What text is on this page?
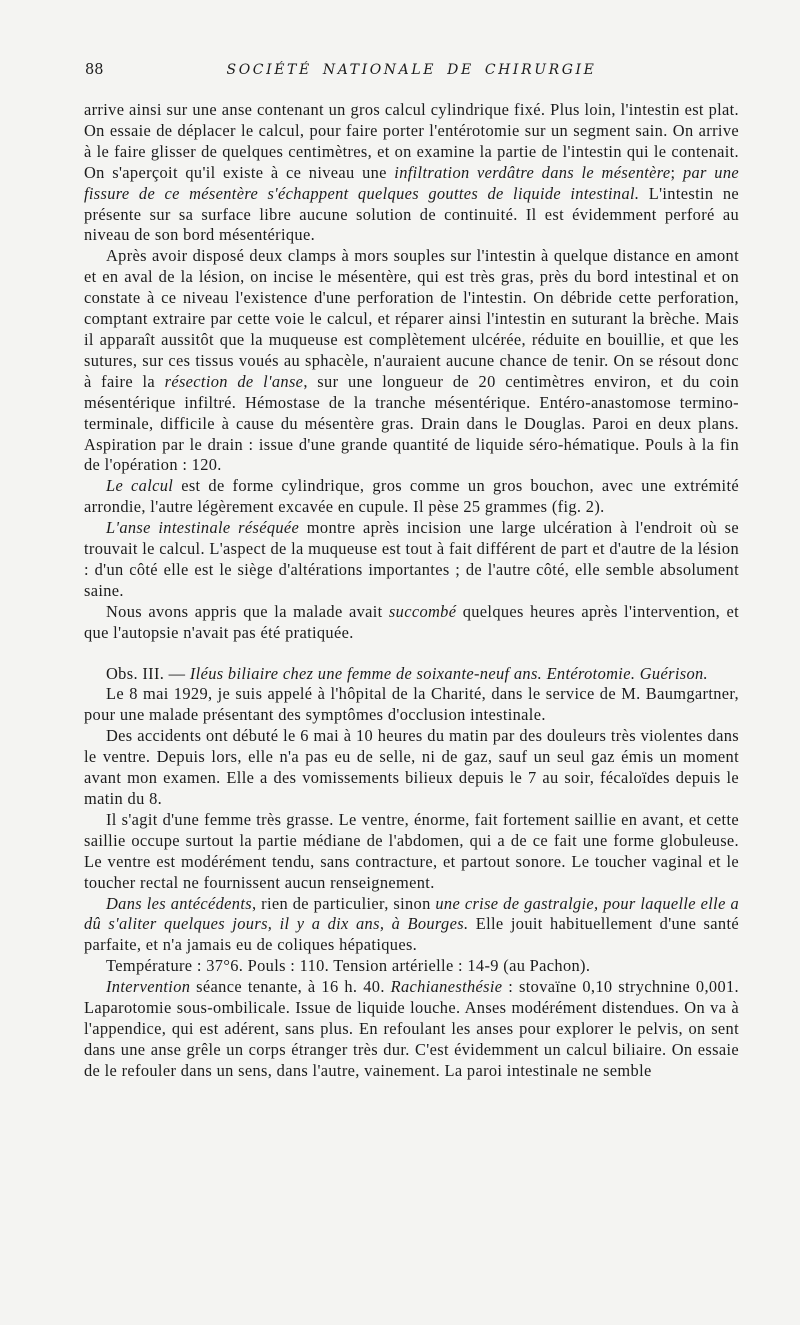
88	SOCIÉTÉ NATIONALE DE CHIRURGIE

arrive ainsi sur une anse contenant un gros calcul cylindrique fixé. Plus loin, l'intestin est plat. On essaie de déplacer le calcul, pour faire porter l'entérotomie sur un segment sain. On arrive à le faire glisser de quelques centimètres, et on examine la partie de l'intestin qui le contenait. On s'aperçoit qu'il existe à ce niveau une infiltration verdâtre dans le mésentère; par une fissure de ce mésentère s'échappent quelques gouttes de liquide intestinal. L'intestin ne présente sur sa surface libre aucune solution de continuité. Il est évidemment perforé au niveau de son bord mésentérique.

Après avoir disposé deux clamps à mors souples sur l'intestin à quelque distance en amont et en aval de la lésion, on incise le mésentère, qui est très gras, près du bord intestinal et on constate à ce niveau l'existence d'une perforation de l'intestin. On débride cette perforation, comptant extraire par cette voie le calcul, et réparer ainsi l'intestin en suturant la brèche. Mais il apparaît aussitôt que la muqueuse est complètement ulcérée, réduite en bouillie, et que les sutures, sur ces tissus voués au sphacèle, n'auraient aucune chance de tenir. On se résout donc à faire la résection de l'anse, sur une longueur de 20 centimètres environ, et du coin mésentérique infiltré. Hémostase de la tranche mésentérique. Entéro-anastomose termino-terminale, difficile à cause du mésentère gras. Drain dans le Douglas. Paroi en deux plans. Aspiration par le drain : issue d'une grande quantité de liquide séro-hématique. Pouls à la fin de l'opération : 120.

Le calcul est de forme cylindrique, gros comme un gros bouchon, avec une extrémité arrondie, l'autre légèrement excavée en cupule. Il pèse 25 grammes (fig. 2).

L'anse intestinale réséquée montre après incision une large ulcération à l'endroit où se trouvait le calcul. L'aspect de la muqueuse est tout à fait différent de part et d'autre de la lésion : d'un côté elle est le siège d'altérations importantes ; de l'autre côté, elle semble absolument saine.

Nous avons appris que la malade avait succombé quelques heures après l'intervention, et que l'autopsie n'avait pas été pratiquée.

Obs. III. — Iléus biliaire chez une femme de soixante-neuf ans. Entérotomie. Guérison.

Le 8 mai 1929, je suis appelé à l'hôpital de la Charité, dans le service de M. Baumgartner, pour une malade présentant des symptômes d'occlusion intestinale.

Des accidents ont débuté le 6 mai à 10 heures du matin par des douleurs très violentes dans le ventre. Depuis lors, elle n'a pas eu de selle, ni de gaz, sauf un seul gaz émis un moment avant mon examen. Elle a des vomissements bilieux depuis le 7 au soir, fécaloïdes depuis le matin du 8.

Il s'agit d'une femme très grasse. Le ventre, énorme, fait fortement saillie en avant, et cette saillie occupe surtout la partie médiane de l'abdomen, qui a de ce fait une forme globuleuse. Le ventre est modérément tendu, sans contracture, et partout sonore. Le toucher vaginal et le toucher rectal ne fournissent aucun renseignement.

Dans les antécédents, rien de particulier, sinon une crise de gastralgie, pour laquelle elle a dû s'aliter quelques jours, il y a dix ans, à Bourges. Elle jouit habituellement d'une santé parfaite, et n'a jamais eu de coliques hépatiques.

Température : 37°6. Pouls : 110. Tension artérielle : 14-9 (au Pachon).

Intervention séance tenante, à 16 h. 40. Rachianesthésie : stovaïne 0,10 strychnine 0,001. Laparotomie sous-ombilicale. Issue de liquide louche. Anses modérément distendues. On va à l'appendice, qui est adérent, sans plus. En refoulant les anses pour explorer le pelvis, on sent dans une anse grêle un corps étranger très dur. C'est évidemment un calcul biliaire. On essaie de le refouler dans un sens, dans l'autre, vainement. La paroi intestinale ne semble
